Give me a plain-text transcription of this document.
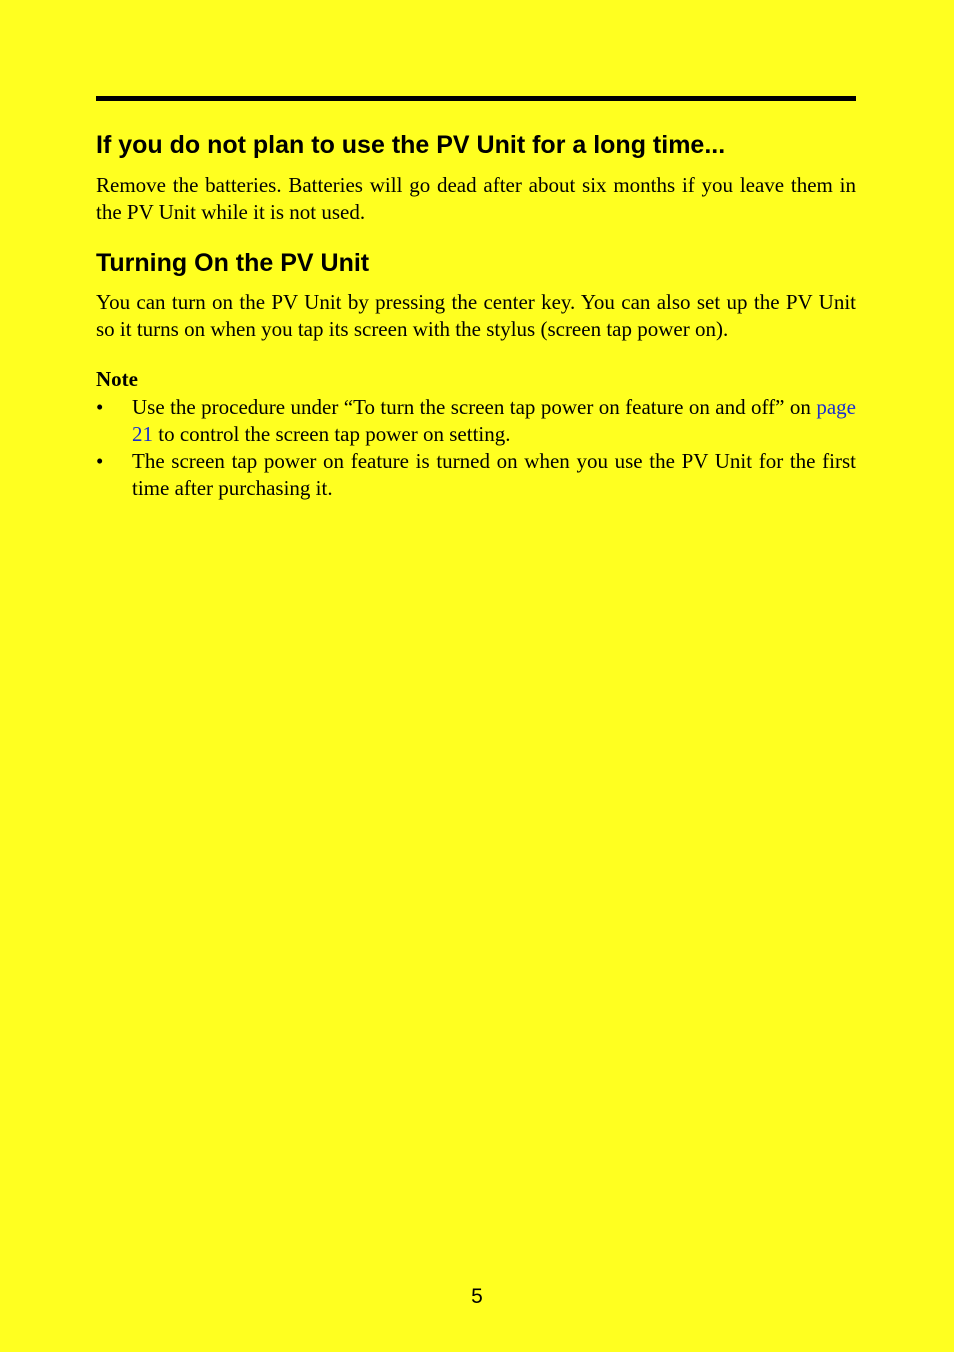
If you do not plan to use the PV Unit for a long time...

Remove the batteries. Batteries will go dead after about six months if you leave them in the PV Unit while it is not used.

Turning On the PV Unit

You can turn on the PV Unit by pressing the center key. You can also set up the PV Unit so it turns on when you tap its screen with the stylus (screen tap power on).

Note
• Use the procedure under “To turn the screen tap power on feature on and off” on page 21 to control the screen tap power on setting.
• The screen tap power on feature is turned on when you use the PV Unit for the first time after purchasing it.
5
